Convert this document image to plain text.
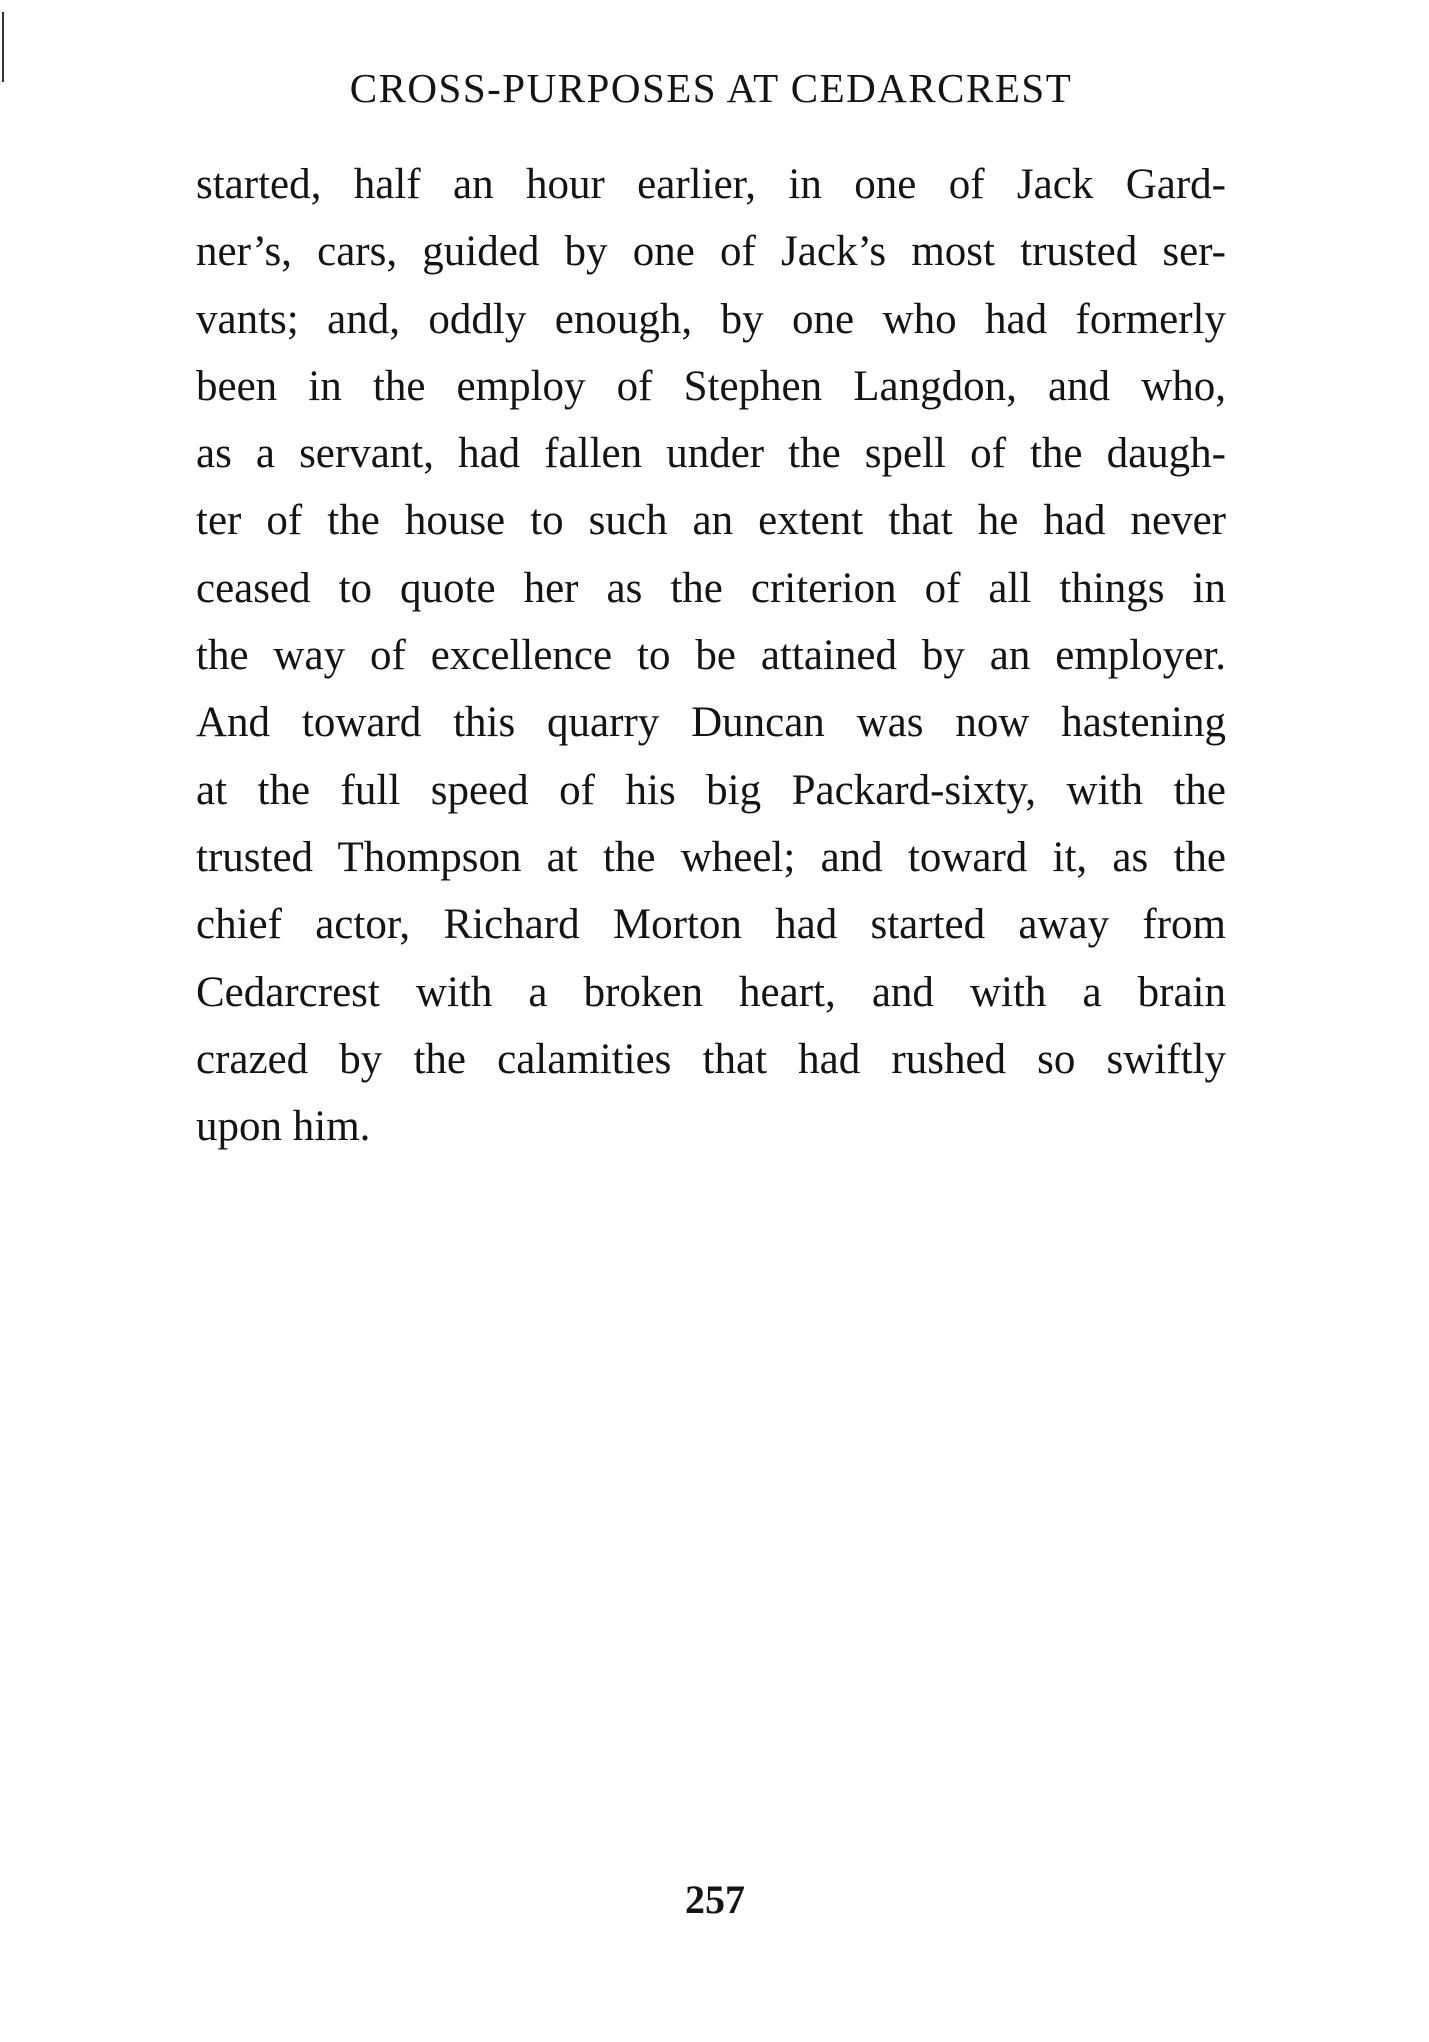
CROSS-PURPOSES AT CEDARCREST
started, half an hour earlier, in one of Jack Gard-
ner’s, cars, guided by one of Jack’s most trusted ser-
vants; and, oddly enough, by one who had formerly
been in the employ of Stephen Langdon, and who,
as a servant, had fallen under the spell of the daugh-
ter of the house to such an extent that he had never
ceased to quote her as the criterion of all things in
the way of excellence to be attained by an employer.
And toward this quarry Duncan was now hastening
at the full speed of his big Packard-sixty, with the
trusted Thompson at the wheel; and toward it, as the
chief actor, Richard Morton had started away from
Cedarcrest with a broken heart, and with a brain
crazed by the calamities that had rushed so swiftly
upon him.
257
